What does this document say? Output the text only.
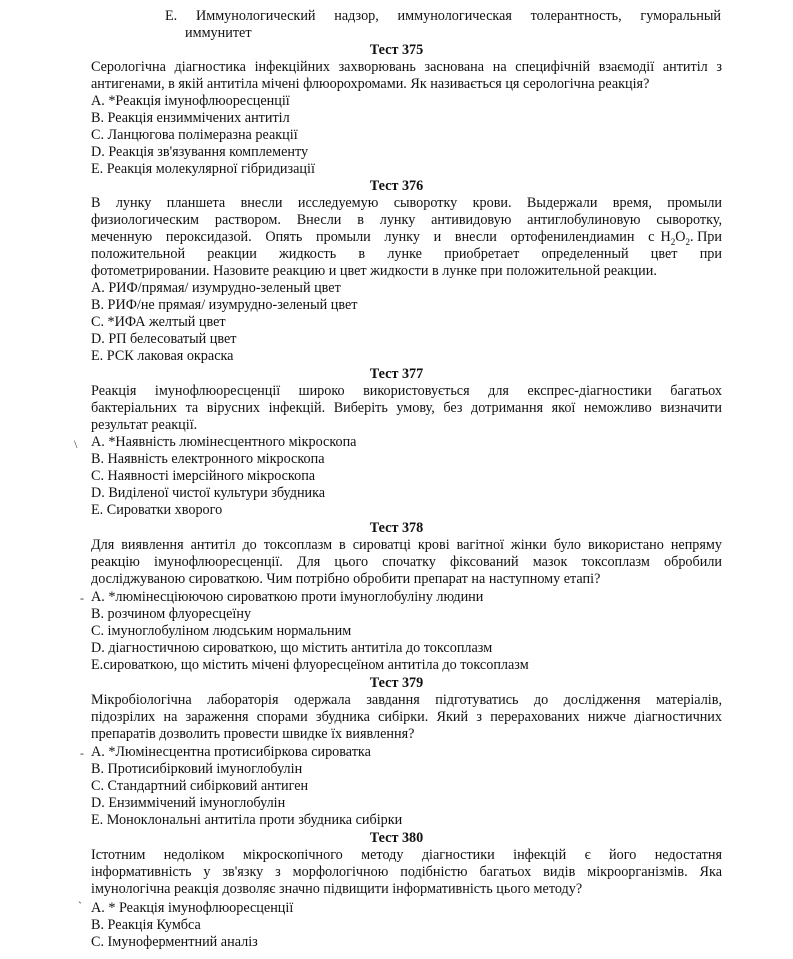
E. Иммунологический надзор, иммунологическая толерантность, гуморальный
иммунитет
Тест 375
Серологічна діагностика інфекційних захворювань заснована на специфічній взаємодії антитіл з
антигенами, в якій антитіла мічені флюорохромами. Як називається ця серологічна реакція?
A. *Реакція імунофлюоресценції
B. Реакція ензиммічених антитіл
C. Ланцюгова полімеразна реакції
D. Реакція зв'язування комплементу
E. Реакція молекулярної гібридизації
Тест 376
В лунку планшета внесли исследуемую сыворотку крови. Выдержали время, промыли
физиологическим раствором. Внесли в лунку антивидовую антиглобулиновую сыворотку,
меченную пероксидазой. Опять промыли лунку и внесли ортофенилендиамин с $H_2O_2$. При
положительной реакции жидкость в лунке приобретает определенный цвет при
фотометрировании. Назовите реакцию и цвет жидкости в лунке при положительной реакции.
A. РИФ/прямая/ изумрудно-зеленый цвет
B. РИФ/не прямая/ изумрудно-зеленый цвет
C. *ИФА желтый цвет
D. РП белесоватый цвет
E. РСК лаковая окраска
Тест 377
Реакція імунофлюоресценції широко використовується для експрес-діагностики багатьох
бактеріальних та вірусних інфекцій. Виберіть умову, без дотримання якої неможливо визначити
результат реакції.
\ A. *Наявність люмінесцентного мікроскопа
B. Наявність електронного мікроскопа
C. Наявності імерсійного мікроскопа
D. Виділеної чистої культури збудника
E. Сироватки хворого
Тест 378
Для виявлення антитіл до токсоплазм в сироватці крові вагітної жінки було використано непряму
реакцію імунофлюоресценції. Для цього спочатку фіксований мазок токсоплазм обробили
досліджуваною сироваткою. Чим потрібно обробити препарат на наступному етапі?
- A. *люмінесціюючою сироваткою проти імуноглобуліну людини
B. розчином флуоресцеїну
C. імуноглобуліном людським нормальним
D. діагностичною сироваткою, що містить антитіла до токсоплазм
E.сироваткою, що містить мічені флуоресцеїном антитіла до токсоплазм
Тест 379
Мікробіологічна лабораторія одержала завдання підготуватись до дослідження матеріалів,
підозрілих на зараження спорами збудника сибірки. Який з перерахованих нижче діагностичних
препаратів дозволить провести швидке їх виявлення?
- A. *Люмінесцентна протисибіркова сироватка
B. Протисибірковий імуноглобулін
C. Стандартний сибірковий антиген
D. Ензиммічений імуноглобулін
E. Моноклональні антитіла проти збудника сибірки
Тест 380
Істотним недоліком мікроскопічного методу діагностики інфекцій є його недостатня
інформативність у зв'язку з морфологічною подібністю багатьох видів мікроорганізмів. Яка
імунологічна реакція дозволяє значно підвищити інформативність цього методу?
` A. * Реакція імунофлюоресценції
B. Реакція Кумбса
C. Імуноферментний аналіз
